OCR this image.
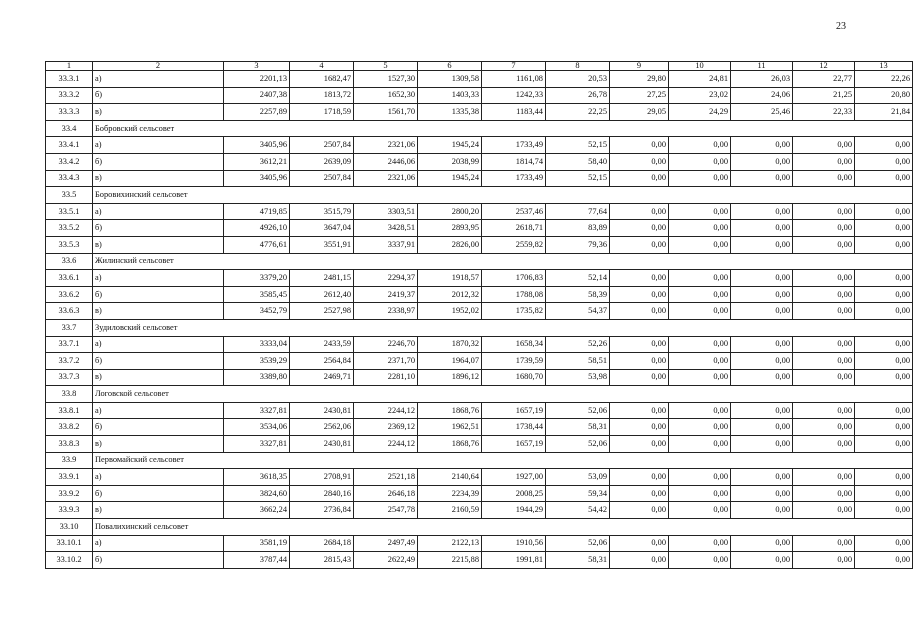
23
1	2	3	4	5	6	7	8	9	10	11	12	13
33.3.1	а)	2201,13	1682,47	1527,30	1309,58	1161,08	20,53	29,80	24,81	26,03	22,77	22,26
33.3.2	б)	2407,38	1813,72	1652,30	1403,33	1242,33	26,78	27,25	23,02	24,06	21,25	20,80
33.3.3	в)	2257,89	1718,59	1561,70	1335,38	1183,44	22,25	29,05	24,29	25,46	22,33	21,84
33.4	Бобровский сельсовет											
33.4.1	а)	3405,96	2507,84	2321,06	1945,24	1733,49	52,15	0,00	0,00	0,00	0,00	0,00
33.4.2	б)	3612,21	2639,09	2446,06	2038,99	1814,74	58,40	0,00	0,00	0,00	0,00	0,00
33.4.3	в)	3405,96	2507,84	2321,06	1945,24	1733,49	52,15	0,00	0,00	0,00	0,00	0,00
33.5	Боровихинский сельсовет											
33.5.1	а)	4719,85	3515,79	3303,51	2800,20	2537,46	77,64	0,00	0,00	0,00	0,00	0,00
33.5.2	б)	4926,10	3647,04	3428,51	2893,95	2618,71	83,89	0,00	0,00	0,00	0,00	0,00
33.5.3	в)	4776,61	3551,91	3337,91	2826,00	2559,82	79,36	0,00	0,00	0,00	0,00	0,00
33.6	Жилинский сельсовет											
33.6.1	а)	3379,20	2481,15	2294,37	1918,57	1706,83	52,14	0,00	0,00	0,00	0,00	0,00
33.6.2	б)	3585,45	2612,40	2419,37	2012,32	1788,08	58,39	0,00	0,00	0,00	0,00	0,00
33.6.3	в)	3452,79	2527,98	2338,97	1952,02	1735,82	54,37	0,00	0,00	0,00	0,00	0,00
33.7	Зудиловский сельсовет											
33.7.1	а)	3333,04	2433,59	2246,70	1870,32	1658,34	52,26	0,00	0,00	0,00	0,00	0,00
33.7.2	б)	3539,29	2564,84	2371,70	1964,07	1739,59	58,51	0,00	0,00	0,00	0,00	0,00
33.7.3	в)	3389,80	2469,71	2281,10	1896,12	1680,70	53,98	0,00	0,00	0,00	0,00	0,00
33.8	Логовской сельсовет											
33.8.1	а)	3327,81	2430,81	2244,12	1868,76	1657,19	52,06	0,00	0,00	0,00	0,00	0,00
33.8.2	б)	3534,06	2562,06	2369,12	1962,51	1738,44	58,31	0,00	0,00	0,00	0,00	0,00
33.8.3	в)	3327,81	2430,81	2244,12	1868,76	1657,19	52,06	0,00	0,00	0,00	0,00	0,00
33.9	Первомайский сельсовет											
33.9.1	а)	3618,35	2708,91	2521,18	2140,64	1927,00	53,09	0,00	0,00	0,00	0,00	0,00
33.9.2	б)	3824,60	2840,16	2646,18	2234,39	2008,25	59,34	0,00	0,00	0,00	0,00	0,00
33.9.3	в)	3662,24	2736,84	2547,78	2160,59	1944,29	54,42	0,00	0,00	0,00	0,00	0,00
33.10	Повалихинский сельсовет											
33.10.1	а)	3581,19	2684,18	2497,49	2122,13	1910,56	52,06	0,00	0,00	0,00	0,00	0,00
33.10.2	б)	3787,44	2815,43	2622,49	2215,88	1991,81	58,31	0,00	0,00	0,00	0,00	0,00
